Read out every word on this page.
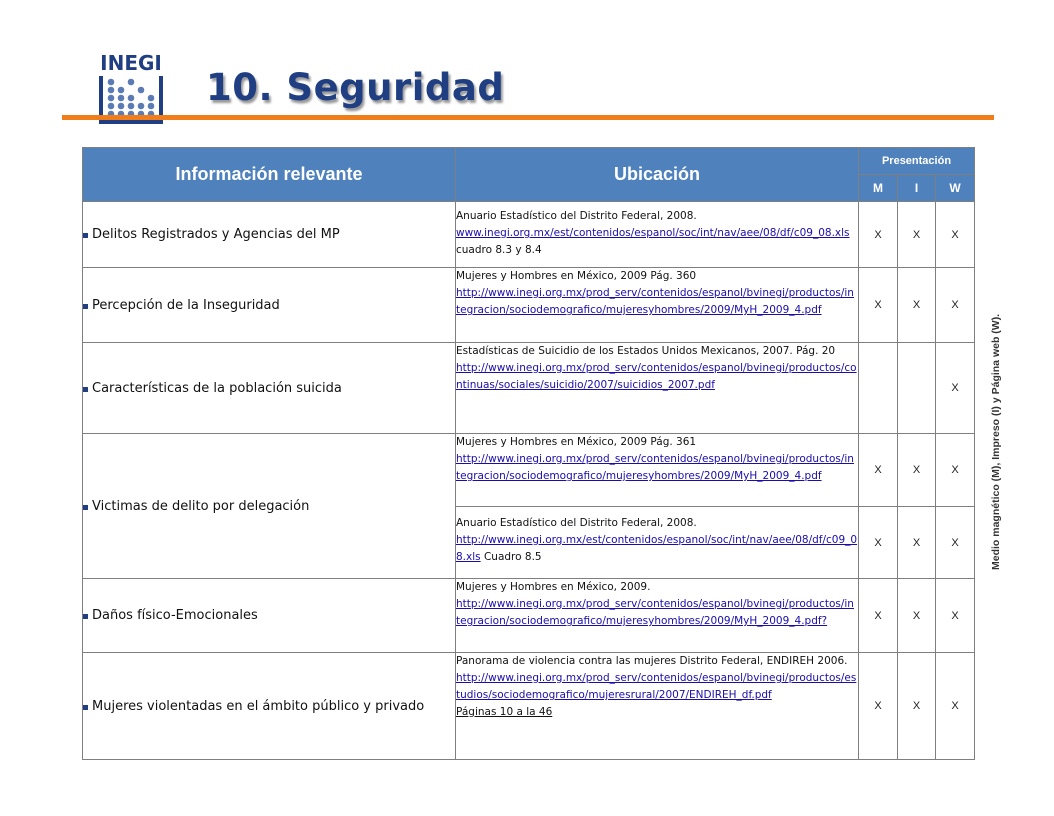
INEGI
10. Seguridad
Información relevante	Ubicación	Presentación		
		M	I	W

Delitos Registrados y Agencias del MP	Anuario Estadístico del Distrito Federal, 2008.
www.inegi.org.mx/est/contenidos/espanol/soc/int/nav/aee/08/df/c09_08.xls cuadro 8.3 y 8.4	X	X	X

Percepción de la Inseguridad	Mujeres y Hombres en México, 2009 Pág. 360
http://www.inegi.org.mx/prod_serv/contenidos/espanol/bvinegi/productos/integracion/sociodemografico/mujeresyhombres/2009/MyH_2009_4.pdf	X	X	X

Características de la población suicida	Estadísticas de Suicidio de los Estados Unidos Mexicanos, 2007. Pág. 20
http://www.inegi.org.mx/prod_serv/contenidos/espanol/bvinegi/productos/continuas/sociales/suicidio/2007/suicidios_2007.pdf			X

Victimas de delito por delegación	Mujeres y Hombres en México, 2009 Pág. 361
http://www.inegi.org.mx/prod_serv/contenidos/espanol/bvinegi/productos/integracion/sociodemografico/mujeresyhombres/2009/MyH_2009_4.pdf	X	X	X
	Anuario Estadístico del Distrito Federal, 2008.
http://www.inegi.org.mx/est/contenidos/espanol/soc/int/nav/aee/08/df/c09_08.xls Cuadro 8.5	X	X	X

Daños físico-Emocionales	Mujeres y Hombres en México, 2009.
http://www.inegi.org.mx/prod_serv/contenidos/espanol/bvinegi/productos/integracion/sociodemografico/mujeresyhombres/2009/MyH_2009_4.pdf?	X	X	X

Mujeres violentadas en el ámbito público y privado	Panorama de violencia contra las mujeres Distrito Federal, ENDIREH 2006.
http://www.inegi.org.mx/prod_serv/contenidos/espanol/bvinegi/productos/estudios/sociodemografico/mujeresrural/2007/ENDIREH_df.pdf
Páginas 10 a la 46	X	X	X
Medio magnético (M), Impreso (I) y Página web (W).
